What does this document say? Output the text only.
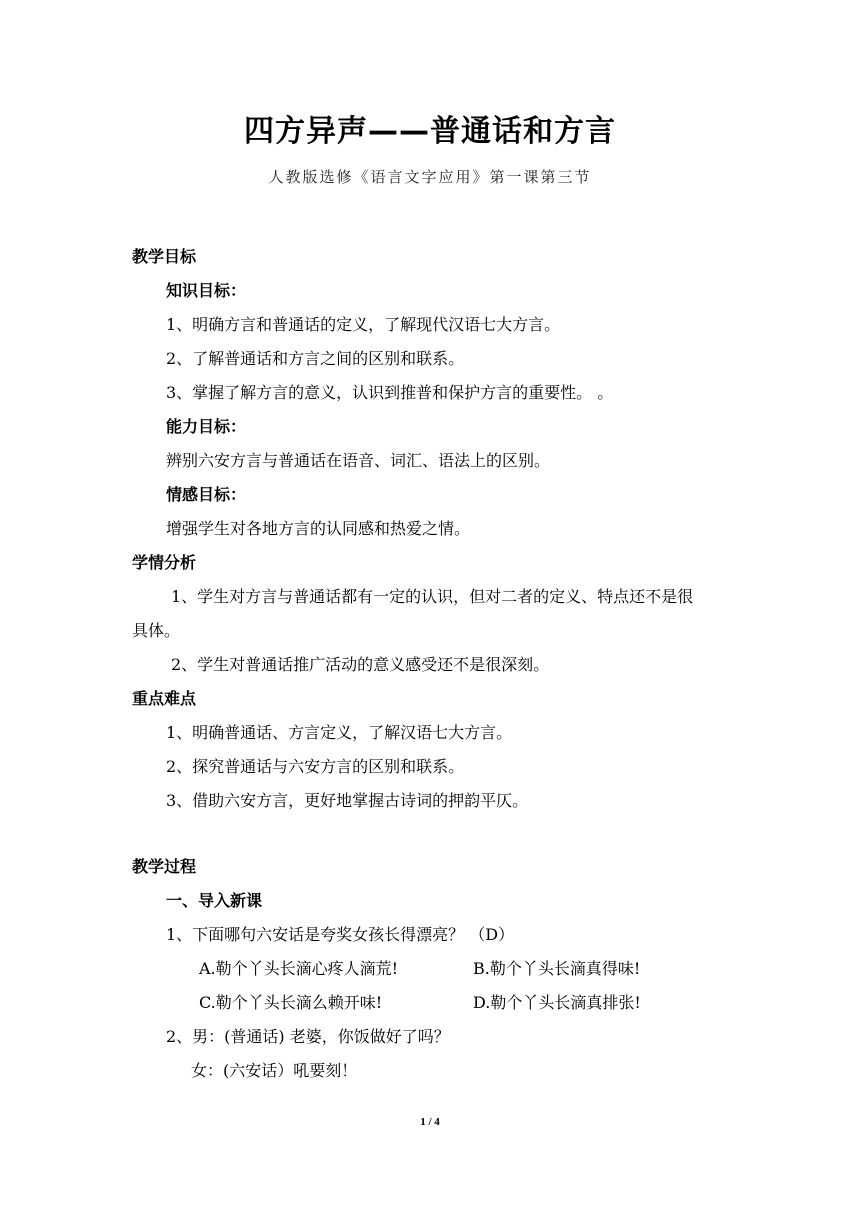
四方异声——普通话和方言
人教版选修《语言文字应用》第一课第三节
教学目标
知识目标：
1、明确方言和普通话的定义，了解现代汉语七大方言。
2、了解普通话和方言之间的区别和联系。
3、掌握了解方言的意义，认识到推普和保护方言的重要性。 。
能力目标：
辨别六安方言与普通话在语音、词汇、语法上的区别。
情感目标：
增强学生对各地方言的认同感和热爱之情。
学情分析
1、学生对方言与普通话都有一定的认识，但对二者的定义、特点还不是很
具体。
2、学生对普通话推广活动的意义感受还不是很深刻。
重点难点
1、明确普通话、方言定义，了解汉语七大方言。
2、探究普通话与六安方言的区别和联系。
3、借助六安方言，更好地掌握古诗词的押韵平仄。
教学过程
一、导入新课
1、下面哪句六安话是夸奖女孩长得漂亮？ （D）
A.勒个丫头长滴心疼人滴荒!	B.勒个丫头长滴真得味!
C.勒个丫头长滴么赖开味!	D.勒个丫头长滴真排张!
2、男：(普通话) 老婆，你饭做好了吗？
女：(六安话）吼要刻！
1 / 4
